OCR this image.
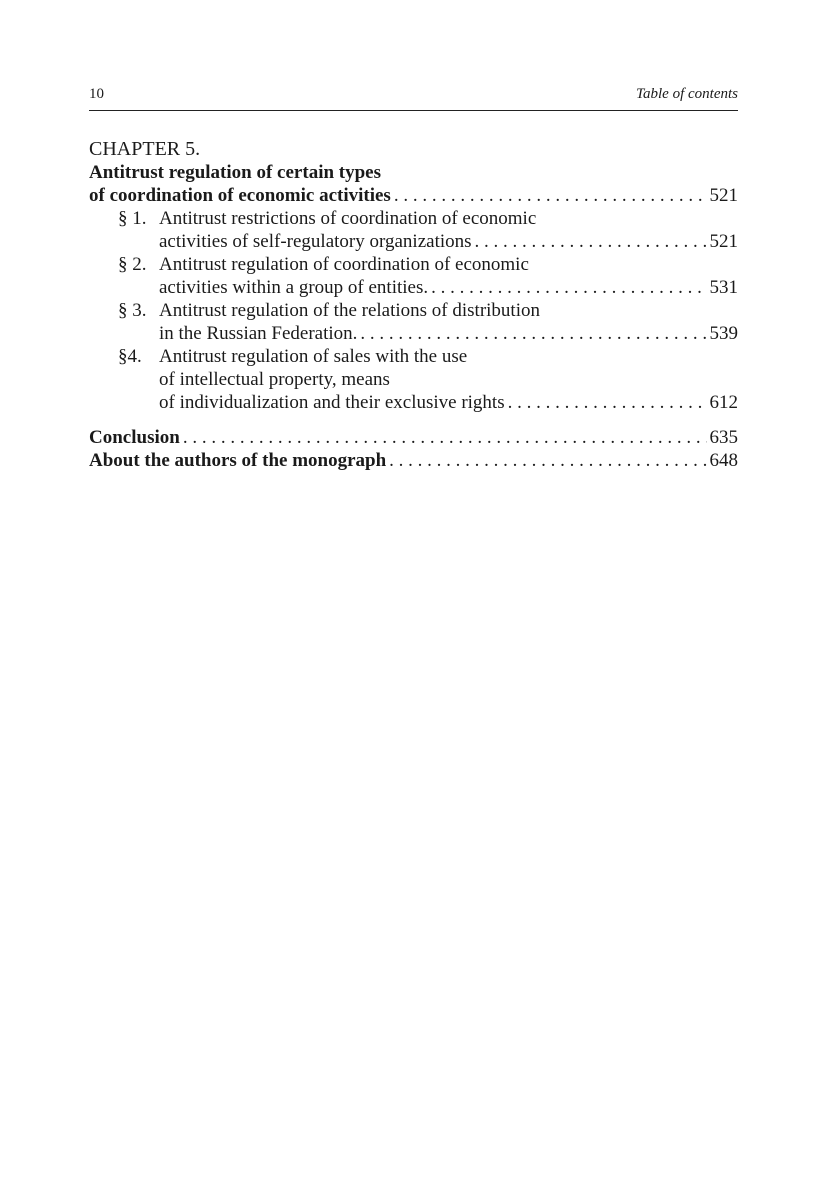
10	Table of contents
CHAPTER 5.
Antitrust regulation of certain types
of coordination of economic activities . . .	521
§ 1. Antitrust restrictions of coordination of economic
activities of self-regulatory organizations . . .	521
§ 2. Antitrust regulation of coordination of economic
activities within a group of entities. . . .	531
§ 3. Antitrust regulation of the relations of distribution
in the Russian Federation. . . .	539
§4. Antitrust regulation of sales with the use
of intellectual property, means
of individualization and their exclusive rights . . .	612
Conclusion . . .	635
About the authors of the monograph . . .	648
